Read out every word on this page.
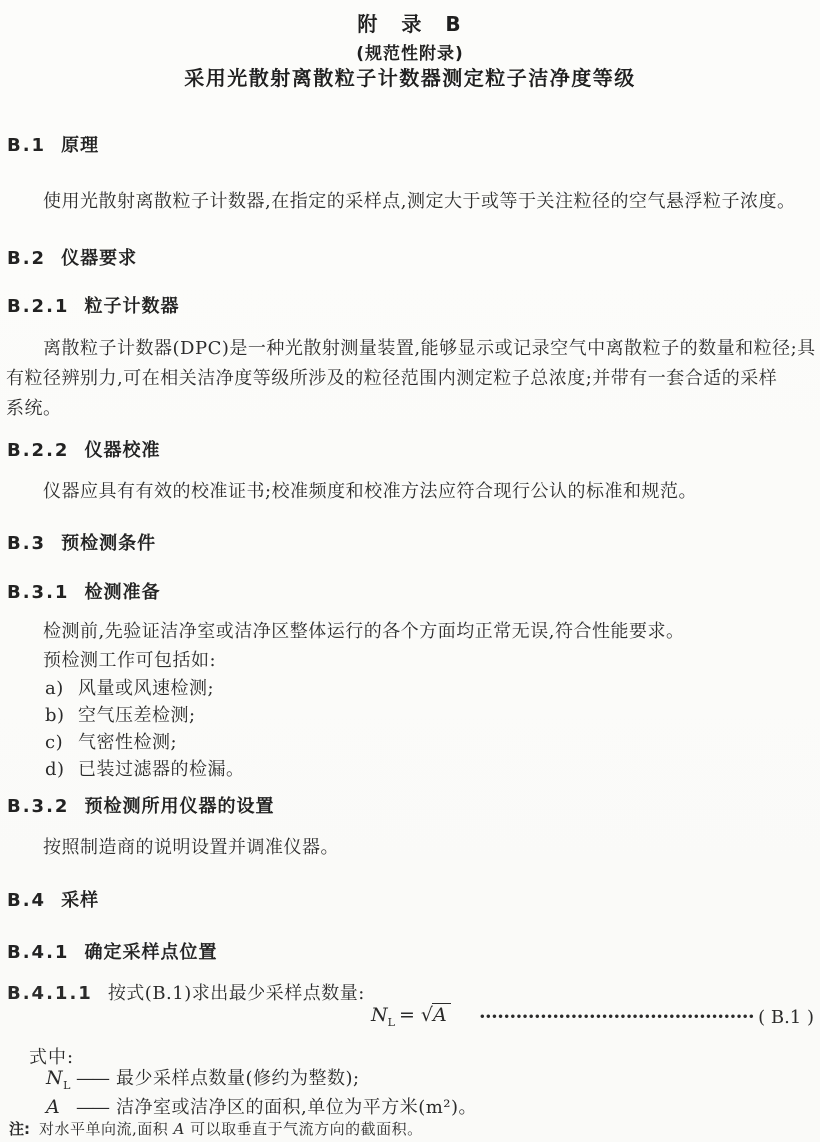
附　录　B
(规范性附录)
采用光散射离散粒子计数器测定粒子洁净度等级
B.1 原理
使用光散射离散粒子计数器,在指定的采样点,测定大于或等于关注粒径的空气悬浮粒子浓度。
B.2 仪器要求
B.2.1 粒子计数器
离散粒子计数器(DPC)是一种光散射测量装置,能够显示或记录空气中离散粒子的数量和粒径;具
有粒径辨别力,可在相关洁净度等级所涉及的粒径范围内测定粒子总浓度;并带有一套合适的采样
系统。
B.2.2 仪器校准
仪器应具有有效的校准证书;校准频度和校准方法应符合现行公认的标准和规范。
B.3 预检测条件
B.3.1 检测准备
检测前,先验证洁净室或洁净区整体运行的各个方面均正常无误,符合性能要求。
预检测工作可包括如:
a) 风量或风速检测;
b) 空气压差检测;
c) 气密性检测;
d) 已装过滤器的检漏。
B.3.2 预检测所用仪器的设置
按照制造商的说明设置并调准仪器。
B.4 采样
B.4.1 确定采样点位置
B.4.1.1 按式(B.1)求出最少采样点数量:
$N_L = √A$ ············································· ( B.1 )
式中:
$N_L$ —— 最少采样点数量(修约为整数);
A —— 洁净室或洁净区的面积,单位为平方米(m²)。
注: 对水平单向流,面积 A 可以取垂直于气流方向的截面积。
